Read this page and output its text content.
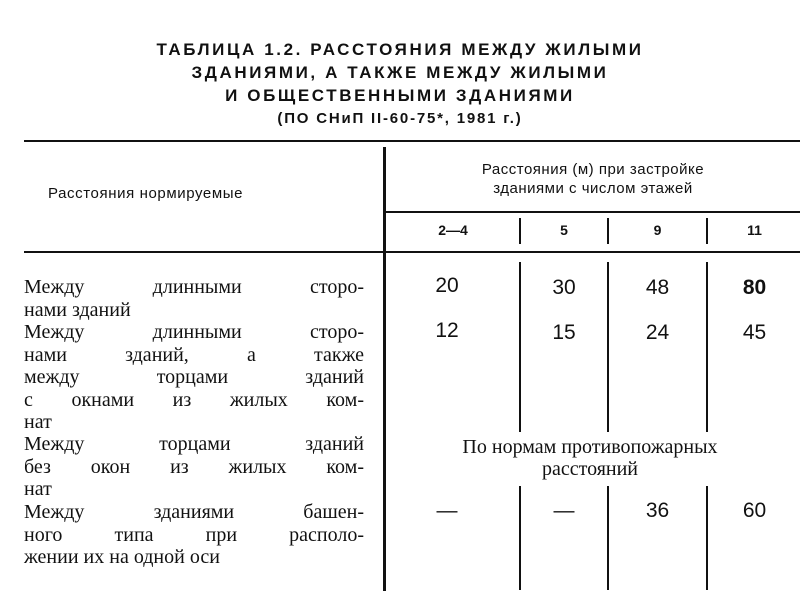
ТАБЛИЦА 1.2. РАССТОЯНИЯ МЕЖДУ ЖИЛЫМИ
ЗДАНИЯМИ, А ТАКЖЕ МЕЖДУ ЖИЛЫМИ
И ОБЩЕСТВЕННЫМИ ЗДАНИЯМИ
(ПО СНиП II-60-75*, 1981 г.)
Расстояния нормируемые
Расстояния (м) при застройке
зданиями с числом этажей
2—4	5	9	11
Между длинными сторо-
нами зданий
20	30	48	80
Между длинными сторо-
нами зданий, а также
между торцами зданий
с окнами из жилых ком-
нат
12	15	24	45
Между торцами зданий
без окон из жилых ком-
нат
По нормам противопожарных
расстояний
Между зданиями башен-
ного типа при располо-
жении их на одной оси
—	—	36	60
